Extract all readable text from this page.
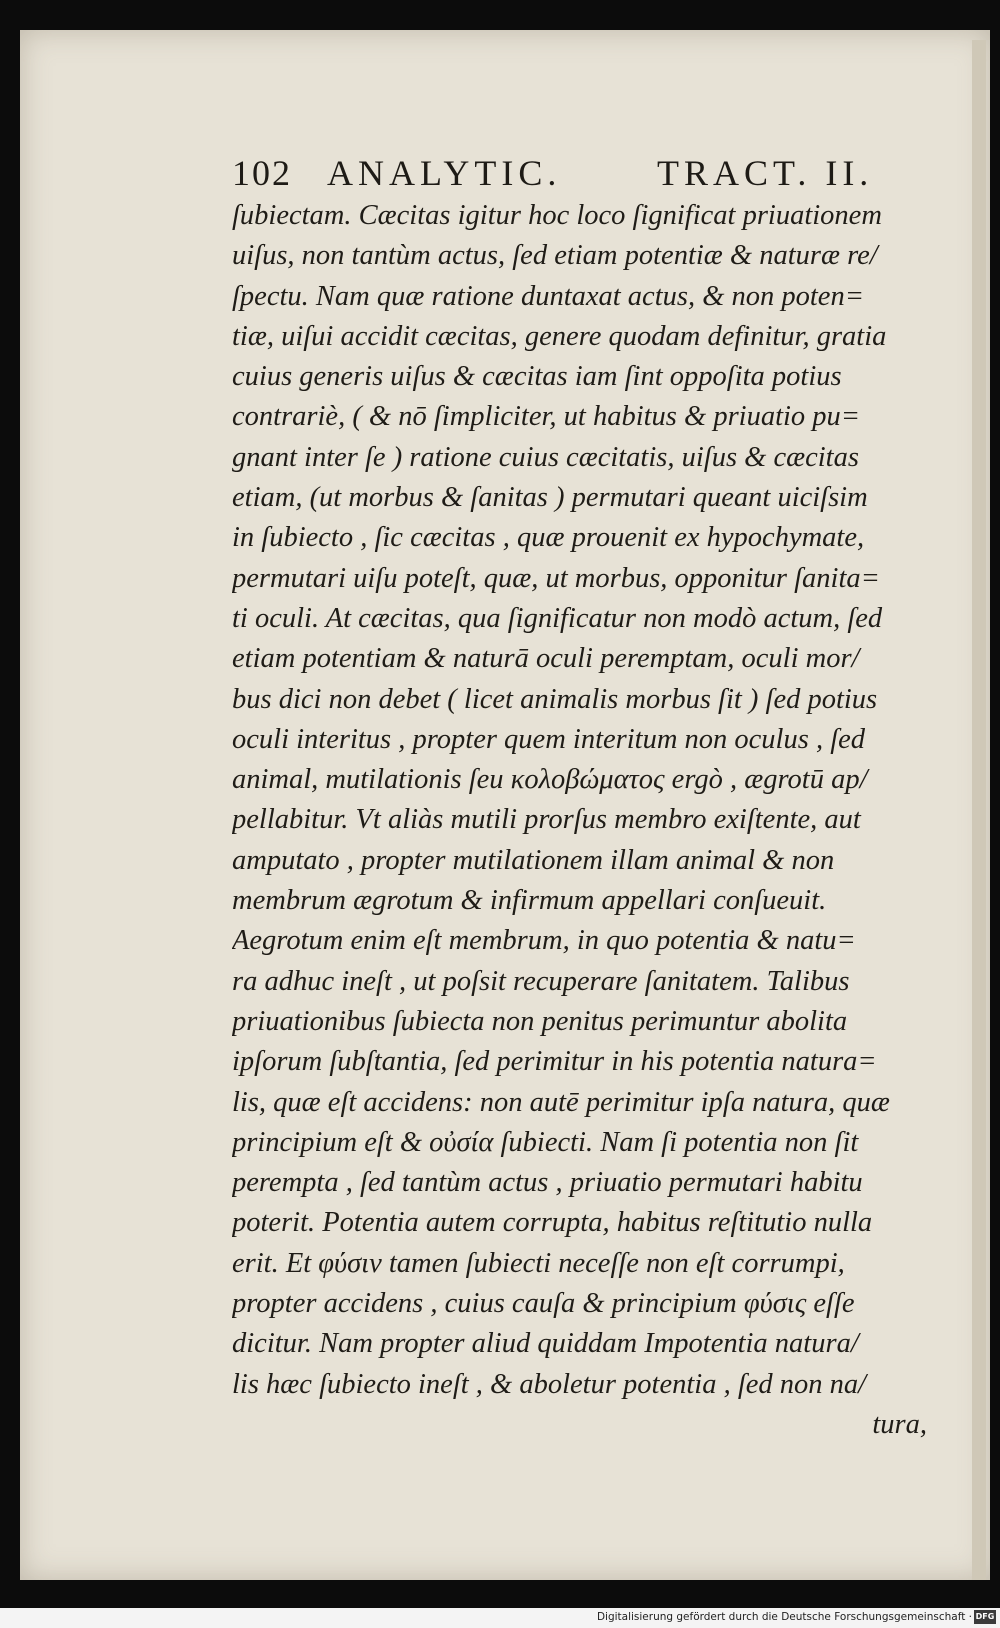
102 ANALYTIC.	TRACT. II.
ſubiectam. Cæcitas igitur hoc loco ſignificat priuationem
uiſus, non tantùm actus, ſed etiam potentiæ & naturæ re/
ſpectu. Nam quæ ratione duntaxat actus, & non poten=
tiæ, uiſui accidit cæcitas, genere quodam definitur, gratia
cuius generis uiſus & cæcitas iam ſint oppoſita potius
contrariè, ( & nō ſimpliciter, ut habitus & priuatio pu=
gnant inter ſe ) ratione cuius cæcitatis, uiſus & cæcitas
etiam, (ut morbus & ſanitas ) permutari queant uiciſsim
in ſubiecto , ſic cæcitas , quæ prouenit ex hypochymate,
permutari uiſu poteſt, quæ, ut morbus, opponitur ſanita=
ti oculi. At cæcitas, qua ſignificatur non modò actum, ſed
etiam potentiam & naturā oculi peremptam, oculi mor/
bus dici non debet ( licet animalis morbus ſit ) ſed potius
oculi interitus , propter quem interitum non oculus , ſed
animal, mutilationis ſeu κολοβώματος ergò , ægrotū ap/
pellabitur. Vt aliàs mutili prorſus membro exiſtente, aut
amputato , propter mutilationem illam animal & non
membrum ægrotum & infirmum appellari conſueuit.
Aegrotum enim eſt membrum, in quo potentia & natu=
ra adhuc ineſt , ut poſsit recuperare ſanitatem. Talibus
priuationibus ſubiecta non penitus perimuntur abolita
ipſorum ſubſtantia, ſed perimitur in his potentia natura=
lis, quæ eſt accidens: non autē perimitur ipſa natura, quæ
principium eſt & οὐσία ſubiecti. Nam ſi potentia non ſit
perempta , ſed tantùm actus , priuatio permutari habitu
poterit. Potentia autem corrupta, habitus reſtitutio nulla
erit. Et φύσιν tamen ſubiecti neceſſe non eſt corrumpi,
propter accidens , cuius cauſa & principium φύσις eſſe
dicitur. Nam propter aliud quiddam Impotentia natura/
lis hæc ſubiecto ineſt , & aboletur potentia , ſed non na/
tura,
Digitalisierung gefördert durch die Deutsche Forschungsgemeinschaft · DFG
